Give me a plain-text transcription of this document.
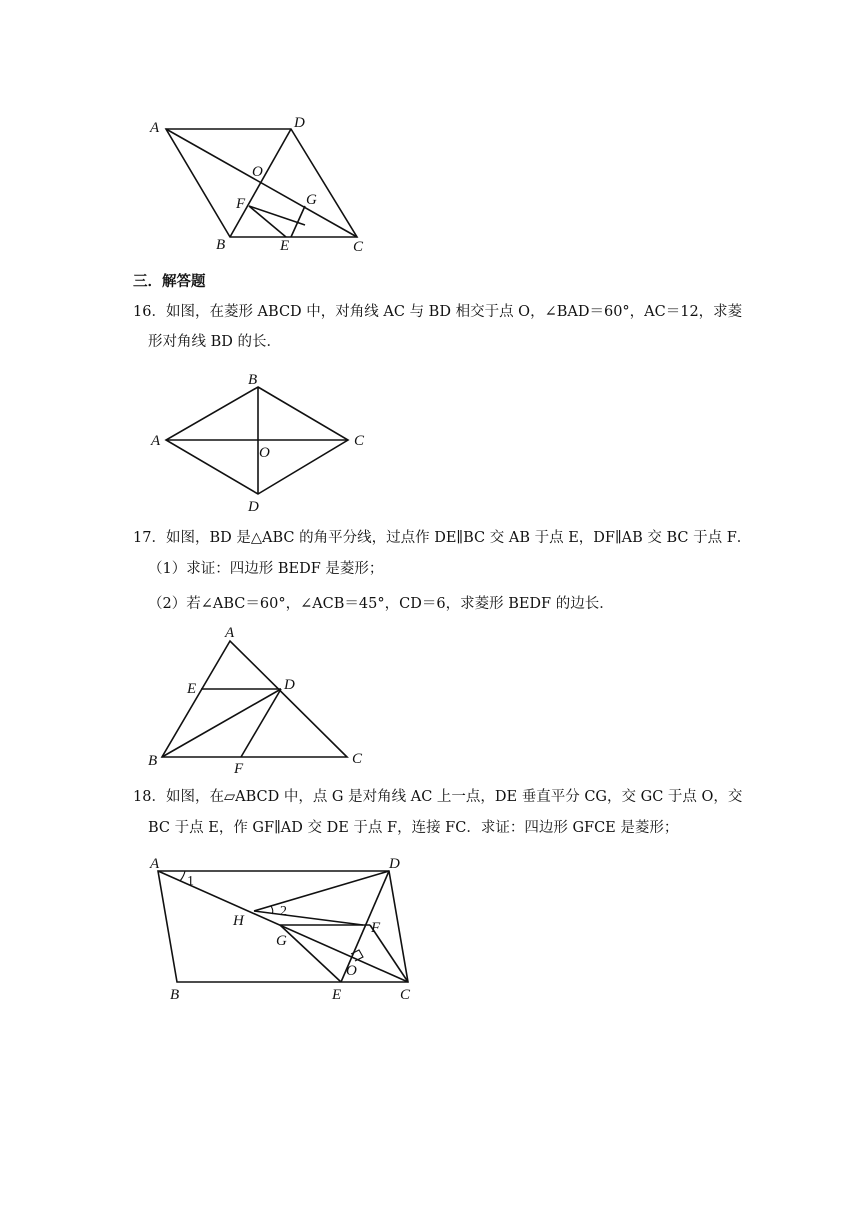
A	D
O
F	G
B	E	C
B
A
O
C
D
A
E	D
B	F
C
A
1
D
H
2
F
G
O
B	E	C
三．解答题
16．如图，在菱形 ABCD 中，对角线 AC 与 BD 相交于点 O，∠BAD＝60°，AC＝12，求菱
形对角线 BD 的长．
17．如图，BD 是△ABC 的角平分线，过点作 DE∥BC 交 AB 于点 E，DF∥AB 交 BC 于点 F．
（1）求证：四边形 BEDF 是菱形；
（2）若∠ABC＝60°，∠ACB＝45°，CD＝6，求菱形 BEDF 的边长．
18．如图，在▱ABCD 中，点 G 是对角线 AC 上一点，DE 垂直平分 CG，交 GC 于点 O，交
BC 于点 E，作 GF∥AD 交 DE 于点 F，连接 FC．求证：四边形 GFCE 是菱形；
